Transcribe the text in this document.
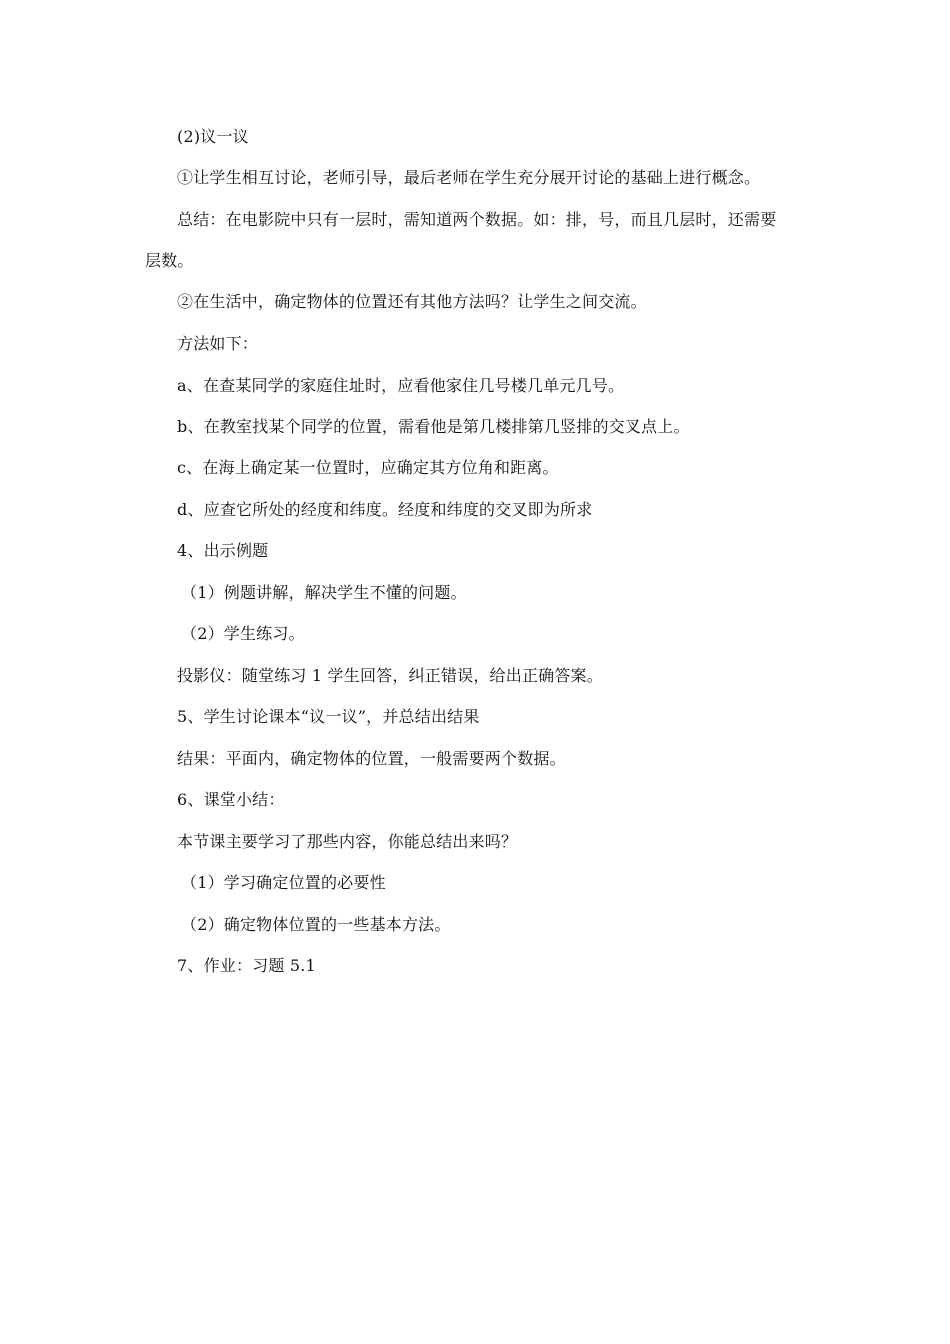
(2)议一议
①让学生相互讨论，老师引导，最后老师在学生充分展开讨论的基础上进行概念。
总结：在电影院中只有一层时，需知道两个数据。如：排，号，而且几层时，还需要
层数。
②在生活中，确定物体的位置还有其他方法吗？让学生之间交流。
方法如下：
a、在查某同学的家庭住址时，应看他家住几号楼几单元几号。
b、在教室找某个同学的位置，需看他是第几楼排第几竖排的交叉点上。
c、在海上确定某一位置时，应确定其方位角和距离。
d、应查它所处的经度和纬度。经度和纬度的交叉即为所求
4、出示例题
（1）例题讲解，解决学生不懂的问题。
（2）学生练习。
投影仪：随堂练习 1 学生回答，纠正错误，给出正确答案。
5、学生讨论课本“议一议”，并总结出结果
结果：平面内，确定物体的位置，一般需要两个数据。
6、课堂小结：
本节课主要学习了那些内容，你能总结出来吗？
（1）学习确定位置的必要性
（2）确定物体位置的一些基本方法。
7、作业：习题 5.1
